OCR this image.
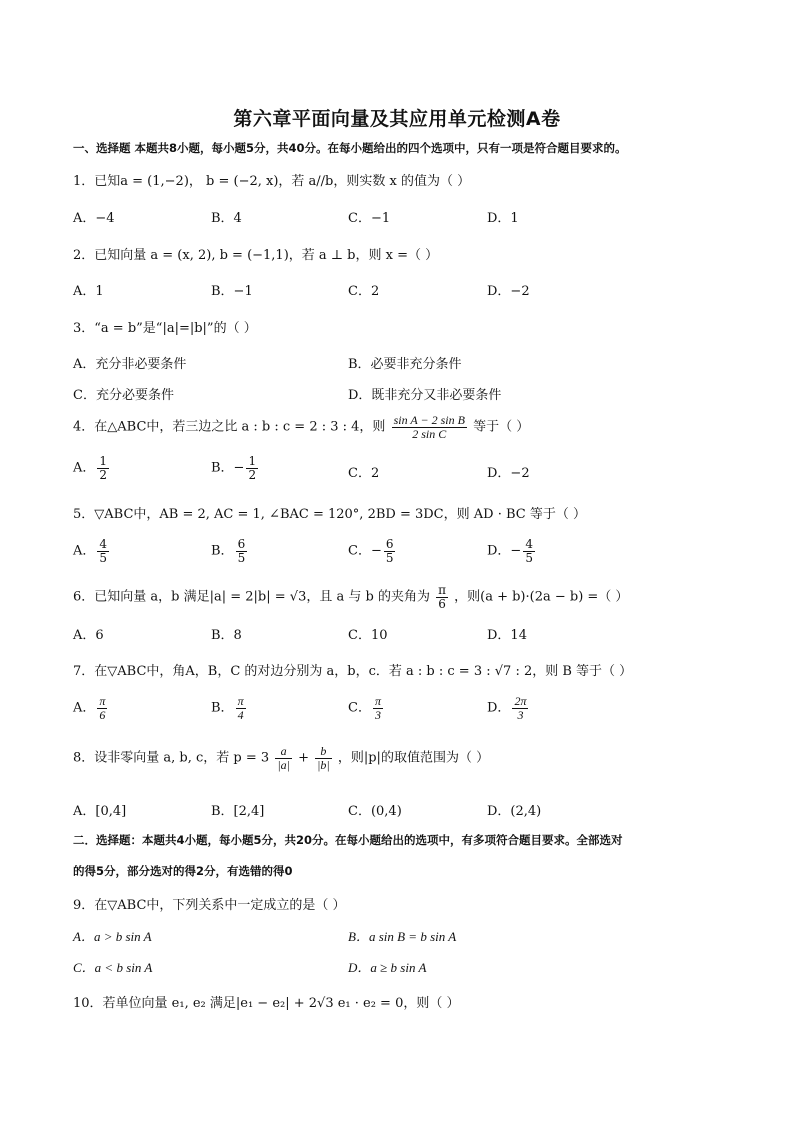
第六章平面向量及其应用单元检测A卷
一、选择题 本题共8小题，每小题5分，共40分。在每小题给出的四个选项中，只有一项是符合题目要求的。
1．已知a = (1,−2)， b = (−2, x)，若 a//b，则实数 x 的值为（ ）
A．−4	B．4	C．−1	D．1
2．已知向量 a = (x, 2), b = (−1,1)，若 a ⊥ b，则 x =（ ）
A．1	B．−1	C．2	D．−2
3．“a = b”是“|a|=|b|”的（ ）
A．充分非必要条件	B．必要非充分条件
C．充分必要条件	D．既非充分又非必要条件
4．在△ABC中，若三边之比 a : b : c = 2 : 3 : 4，则 $\frac{\text{sin A − 2 sin B}}{\text{2 sin C}}$ 等于（ ）
A． $\frac{1}{2}$	B．− $\frac{1}{2}$	C．2	D．−2
5．▽ABC中，AB = 2, AC = 1, ∠BAC = 120°, 2BD = 3DC，则 AD · BC 等于（ ）
A． $\frac{4}{5}$	B． $\frac{6}{5}$	C．− $\frac{6}{5}$	D．− $\frac{4}{5}$
6．已知向量 a，b 满足|a| = 2|b| = √3，且 a 与 b 的夹角为 $\frac{\pi}{6}$ ，则(a + b)·(2a − b) =（ ）
A．6	B．8	C．10	D．14
7．在▽ABC中，角A，B，C 的对边分别为 a，b，c．若 a : b : c = 3 : √7 : 2，则 B 等于（ ）
A． $\frac{\pi}{6}$	B． $\frac{\pi}{4}$	C． $\frac{\pi}{3}$	D． $\frac{2\pi}{3}$
8．设非零向量 a, b, c，若 $p = 3 \frac{a}{|a|} + \frac{b}{|b|}$ ，则|p|的取值范围为（ ）
A．[0,4]	B．[2,4]	C．(0,4)	D．(2,4)
二．选择题：本题共4小题，每小题5分，共20分。在每小题给出的选项中，有多项符合题目要求。全部选对
的得5分，部分选对的得2分，有选错的得0
9．在▽ABC中，下列关系中一定成立的是（ ）
A．a > b sin A	B．a sin B = b sin A
C．a < b sin A	D．a ≥ b sin A
10．若单位向量 e₁, e₂ 满足|e₁ − e₂| + 2√3 e₁ · e₂ = 0，则（ ）
